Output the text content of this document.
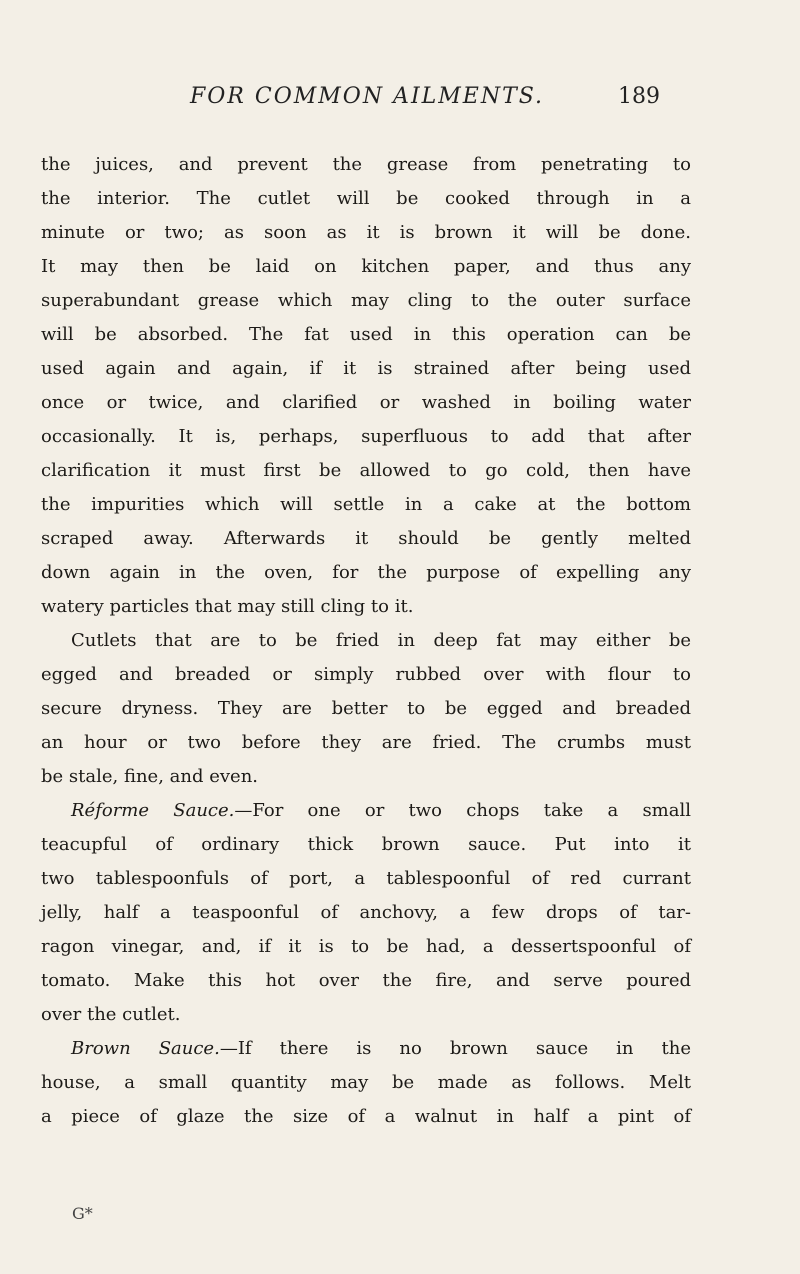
FOR COMMON AILMENTS.	189
the juices, and prevent the grease from penetrating to
the interior. The cutlet will be cooked through in a
minute or two; as soon as it is brown it will be done.
It may then be laid on kitchen paper, and thus any
superabundant grease which may cling to the outer surface
will be absorbed. The fat used in this operation can be
used again and again, if it is strained after being used
once or twice, and clarified or washed in boiling water
occasionally. It is, perhaps, superfluous to add that after
clarification it must first be allowed to go cold, then have
the impurities which will settle in a cake at the bottom
scraped away. Afterwards it should be gently melted
down again in the oven, for the purpose of expelling any
watery particles that may still cling to it.
Cutlets that are to be fried in deep fat may either be
egged and breaded or simply rubbed over with flour to
secure dryness. They are better to be egged and breaded
an hour or two before they are fried. The crumbs must
be stale, fine, and even.
Réforme Sauce.—For one or two chops take a small
teacupful of ordinary thick brown sauce. Put into it
two tablespoonfuls of port, a tablespoonful of red currant
jelly, half a teaspoonful of anchovy, a few drops of tar-
ragon vinegar, and, if it is to be had, a dessertspoonful of
tomato. Make this hot over the fire, and serve poured
over the cutlet.
Brown Sauce.—If there is no brown sauce in the
house, a small quantity may be made as follows. Melt
a piece of glaze the size of a walnut in half a pint of
G*
